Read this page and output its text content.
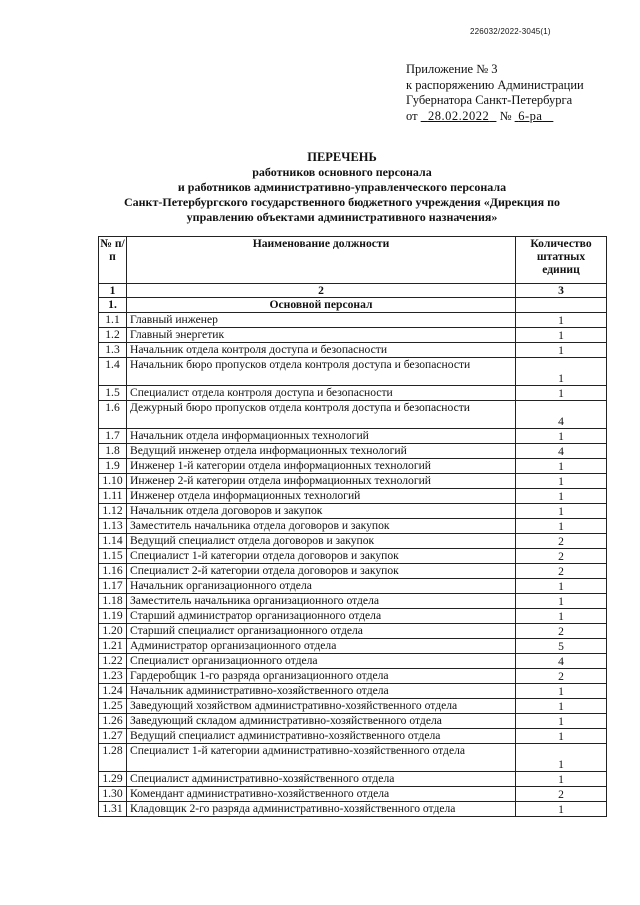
226032/2022-3045(1)
Приложение № 3
к распоряжению Администрации
Губернатора Санкт-Петербурга
от 28.02.2022 № 6-ра
ПЕРЕЧЕНЬ
работников основного персонала
и работников административно-управленческого персонала
Санкт-Петербургского государственного бюджетного учреждения «Дирекция по
управлению объектами административного назначения»
№ п/п	Наименование должности	Количество штатных единиц
1	2	3
1.	Основной персонал	
1.1	Главный инженер	1
1.2	Главный энергетик	1
1.3	Начальник отдела контроля доступа и безопасности	1
1.4	Начальник бюро пропусков отдела контроля доступа и безопасности	1
1.5	Специалист отдела контроля доступа и безопасности	1
1.6	Дежурный бюро пропусков отдела контроля доступа и безопасности	4
1.7	Начальник отдела информационных технологий	1
1.8	Ведущий инженер отдела информационных технологий	4
1.9	Инженер 1-й категории отдела информационных технологий	1
1.10	Инженер 2-й категории отдела информационных технологий	1
1.11	Инженер отдела информационных технологий	1
1.12	Начальник отдела договоров и закупок	1
1.13	Заместитель начальника отдела договоров и закупок	1
1.14	Ведущий специалист отдела договоров и закупок	2
1.15	Специалист 1-й категории отдела договоров и закупок	2
1.16	Специалист 2-й категории отдела договоров и закупок	2
1.17	Начальник организационного отдела	1
1.18	Заместитель начальника организационного отдела	1
1.19	Старший администратор организационного отдела	1
1.20	Старший специалист организационного отдела	2
1.21	Администратор организационного отдела	5
1.22	Специалист организационного отдела	4
1.23	Гардеробщик 1-го разряда организационного отдела	2
1.24	Начальник административно-хозяйственного отдела	1
1.25	Заведующий хозяйством административно-хозяйственного отдела	1
1.26	Заведующий складом административно-хозяйственного отдела	1
1.27	Ведущий специалист административно-хозяйственного отдела	1
1.28	Специалист 1-й категории административно-хозяйственного отдела	1
1.29	Специалист административно-хозяйственного отдела	1
1.30	Комендант административно-хозяйственного отдела	2
1.31	Кладовщик 2-го разряда административно-хозяйственного отдела	1
